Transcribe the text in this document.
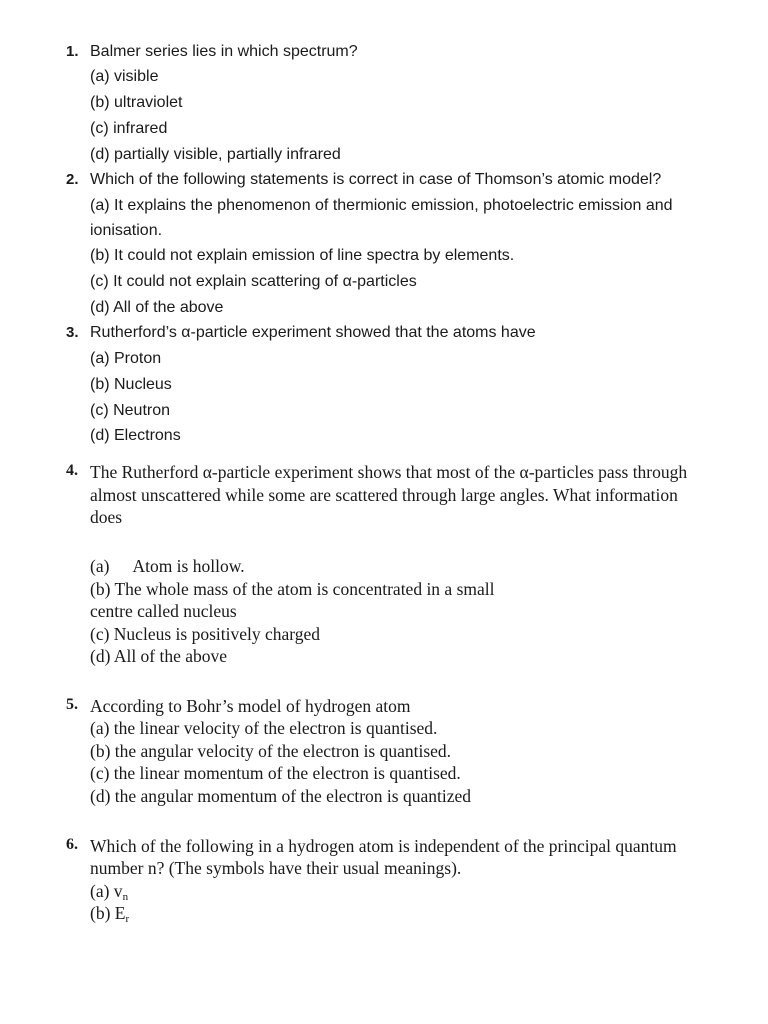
1. Balmer series lies in which spectrum?
(a) visible
(b) ultraviolet
(c) infrared
(d) partially visible, partially infrared
2. Which of the following statements is correct in case of Thomson’s atomic model?
(a) It explains the phenomenon of thermionic emission, photoelectric emission and
ionisation.
(b) It could not explain emission of line spectra by elements.
(c) It could not explain scattering of α-particles
(d) All of the above
3. Rutherford’s α-particle experiment showed that the atoms have
(a) Proton
(b) Nucleus
(c) Neutron
(d) Electrons
4. The Rutherford α-particle experiment shows that most of the α-particles pass through
almost unscattered while some are scattered through large angles. What information
does
(a) Atom is hollow.
(b) The whole mass of the atom is concentrated in a small
centre called nucleus
(c) Nucleus is positively charged
(d) All of the above
5. According to Bohr’s model of hydrogen atom
(a) the linear velocity of the electron is quantised.
(b) the angular velocity of the electron is quantised.
(c) the linear momentum of the electron is quantised.
(d) the angular momentum of the electron is quantized
6. Which of the following in a hydrogen atom is independent of the principal quantum
number n? (The symbols have their usual meanings).
(a) $v_n$
(b) $E_r$
